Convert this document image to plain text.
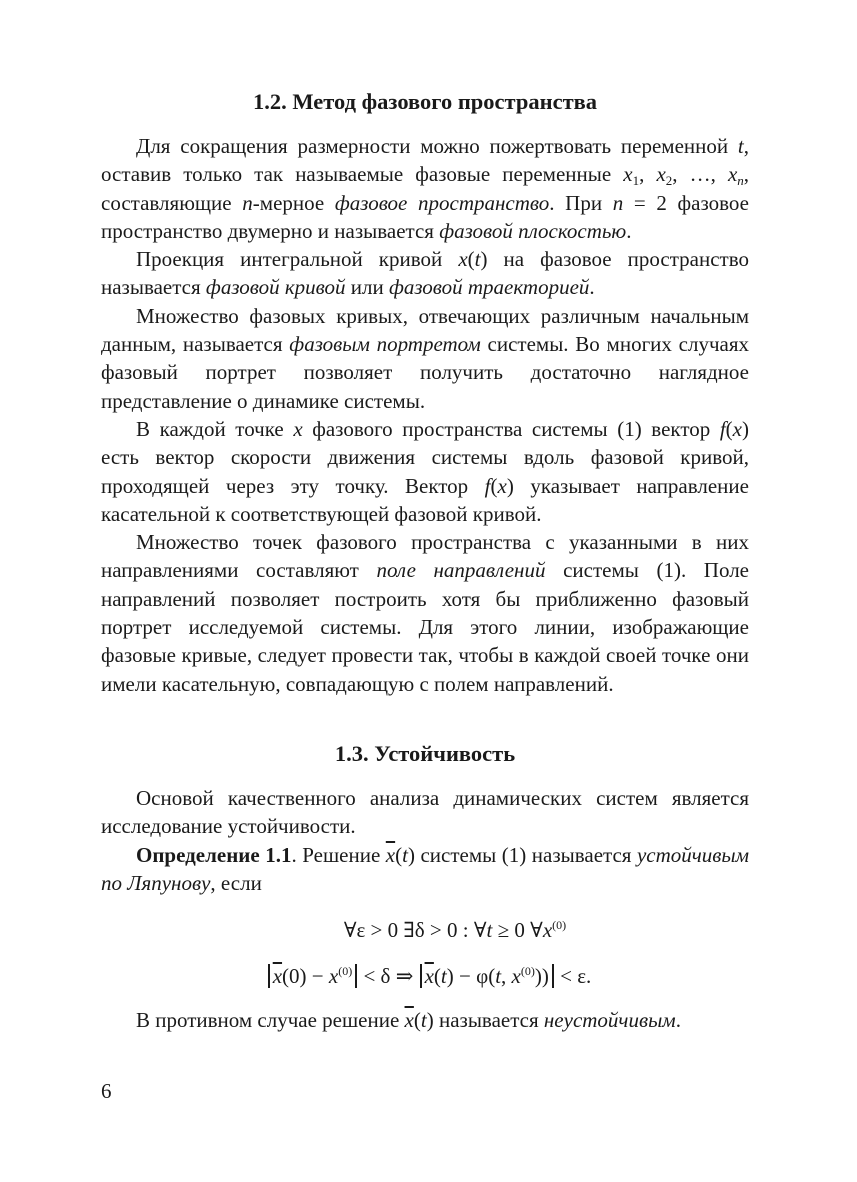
1.2. Метод фазового пространства

Для сокращения размерности можно пожертвовать переменной t, оставив только так называемые фазовые переменные $x_1$, $x_2$, …, $x_n$, составляющие n-мерное фазовое пространство. При n = 2 фазовое пространство двумерно и называется фазовой плоскостью.

Проекция интегральной кривой x(t) на фазовое пространство называется фазовой кривой или фазовой траекторией.

Множество фазовых кривых, отвечающих различным начальным данным, называется фазовым портретом системы. Во многих случаях фазовый портрет позволяет получить достаточно наглядное представление о динамике системы.

В каждой точке x фазового пространства системы (1) вектор f(x) есть вектор скорости движения системы вдоль фазовой кривой, проходящей через эту точку. Вектор f(x) указывает направление касательной к соответствующей фазовой кривой.

Множество точек фазового пространства с указанными в них направлениями составляют поле направлений системы (1). Поле направлений позволяет построить хотя бы приближенно фазовый портрет исследуемой системы. Для этого линии, изображающие фазовые кривые, следует провести так, чтобы в каждой своей точке они имели касательную, совпадающую с полем направлений.

1.3. Устойчивость

Основой качественного анализа динамических систем является исследование устойчивости.

Определение 1.1. Решение $\overline{x}(t)$ системы (1) называется устойчивым по Ляпунову, если

∀ε > 0 ∃δ > 0 : ∀t ≥ 0 $\forall x^{(0)}$
$\overline{x}(0) - x^{(0)} < \delta$ ⇒ $\overline{x}(t) - \varphi(t$, $x^{(0)})) < \varepsilon$.

В противном случае решение $\overline{x}(t)$ называется неустойчивым.

6
